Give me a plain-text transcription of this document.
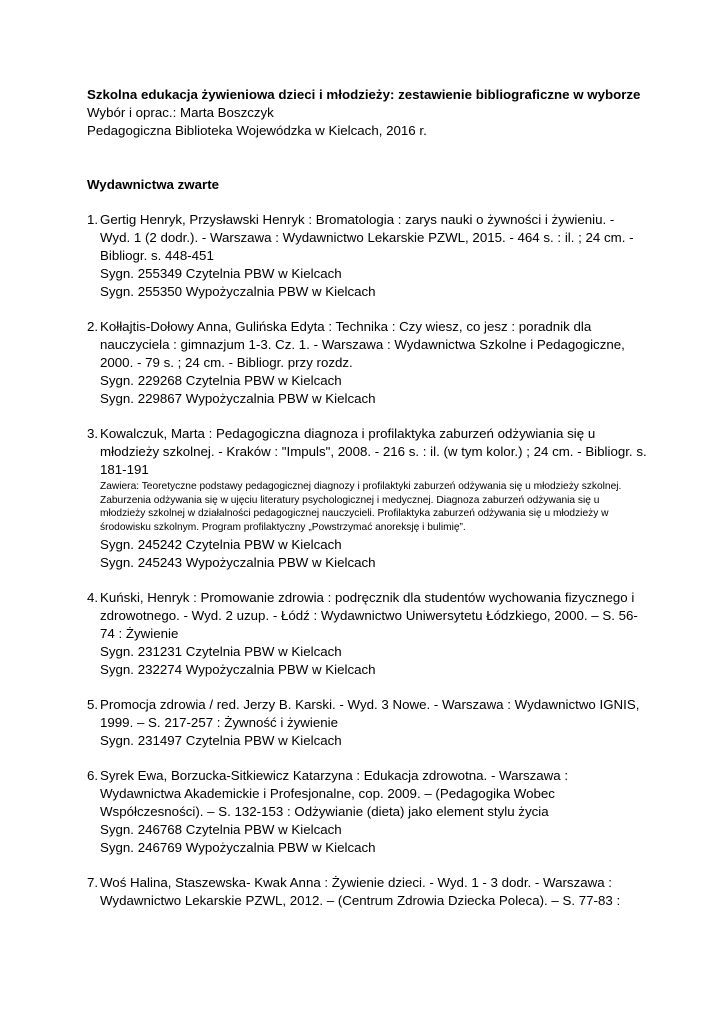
Szkolna edukacja żywieniowa dzieci i młodzieży: zestawienie bibliograficzne w wyborze

Wybór i oprac.: Marta Boszczyk

Pedagogiczna Biblioteka Wojewódzka w Kielcach, 2016 r.

Wydawnictwa zwarte

1. Gertig Henryk, Przysławski Henryk : Bromatologia : zarys nauki o żywności i żywieniu. - Wyd. 1 (2 dodr.). - Warszawa : Wydawnictwo Lekarskie PZWL, 2015. - 464 s. : il. ; 24 cm. - Bibliogr. s. 448-451

Sygn. 255349 Czytelnia PBW w Kielcach

Sygn. 255350 Wypożyczalnia PBW w Kielcach

2. Kołłajtis-Dołowy Anna, Gulińska Edyta : Technika : Czy wiesz, co jesz : poradnik dla nauczyciela : gimnazjum 1-3. Cz. 1. - Warszawa : Wydawnictwa Szkolne i Pedagogiczne, 2000. - 79 s. ; 24 cm. - Bibliogr. przy rozdz.

Sygn. 229268 Czytelnia PBW w Kielcach

Sygn. 229867 Wypożyczalnia PBW w Kielcach

3. Kowalczuk, Marta : Pedagogiczna diagnoza i profilaktyka zaburzeń odżywiania się u młodzieży szkolnej. - Kraków : "Impuls", 2008. - 216 s. : il. (w tym kolor.) ; 24 cm. - Bibliogr. s. 181-191

Zawiera: Teoretyczne podstawy pedagogicznej diagnozy i profilaktyki zaburzeń odżywania się u młodzieży szkolnej. Zaburzenia odżywania się w ujęciu literatury psychologicznej i medycznej. Diagnoza zaburzeń odżywania się u młodzieży szkolnej w działalności pedagogicznej nauczycieli. Profilaktyka zaburzeń odżywania się u młodzieży w środowisku szkolnym. Program profilaktyczny „Powstrzymać anoreksję i bulimię”.

Sygn. 245242 Czytelnia PBW w Kielcach

Sygn. 245243 Wypożyczalnia PBW w Kielcach

4. Kuński, Henryk : Promowanie zdrowia : podręcznik dla studentów wychowania fizycznego i zdrowotnego. - Wyd. 2 uzup. - Łódź : Wydawnictwo Uniwersytetu Łódzkiego, 2000. – S. 56-74 : Żywienie

Sygn. 231231 Czytelnia PBW w Kielcach

Sygn. 232274 Wypożyczalnia PBW w Kielcach

5. Promocja zdrowia / red. Jerzy B. Karski. - Wyd. 3 Nowe. - Warszawa : Wydawnictwo IGNIS, 1999. – S. 217-257 : Żywność i żywienie

Sygn. 231497 Czytelnia PBW w Kielcach

6. Syrek Ewa, Borzucka-Sitkiewicz Katarzyna : Edukacja zdrowotna. - Warszawa : Wydawnictwa Akademickie i Profesjonalne, cop. 2009. – (Pedagogika Wobec Współczesności). – S. 132-153 : Odżywianie (dieta) jako element stylu życia

Sygn. 246768 Czytelnia PBW w Kielcach

Sygn. 246769 Wypożyczalnia PBW w Kielcach

7. Woś Halina, Staszewska- Kwak Anna : Żywienie dzieci. - Wyd. 1 - 3 dodr. - Warszawa : Wydawnictwo Lekarskie PZWL, 2012. – (Centrum Zdrowia Dziecka Poleca). – S. 77-83 :
